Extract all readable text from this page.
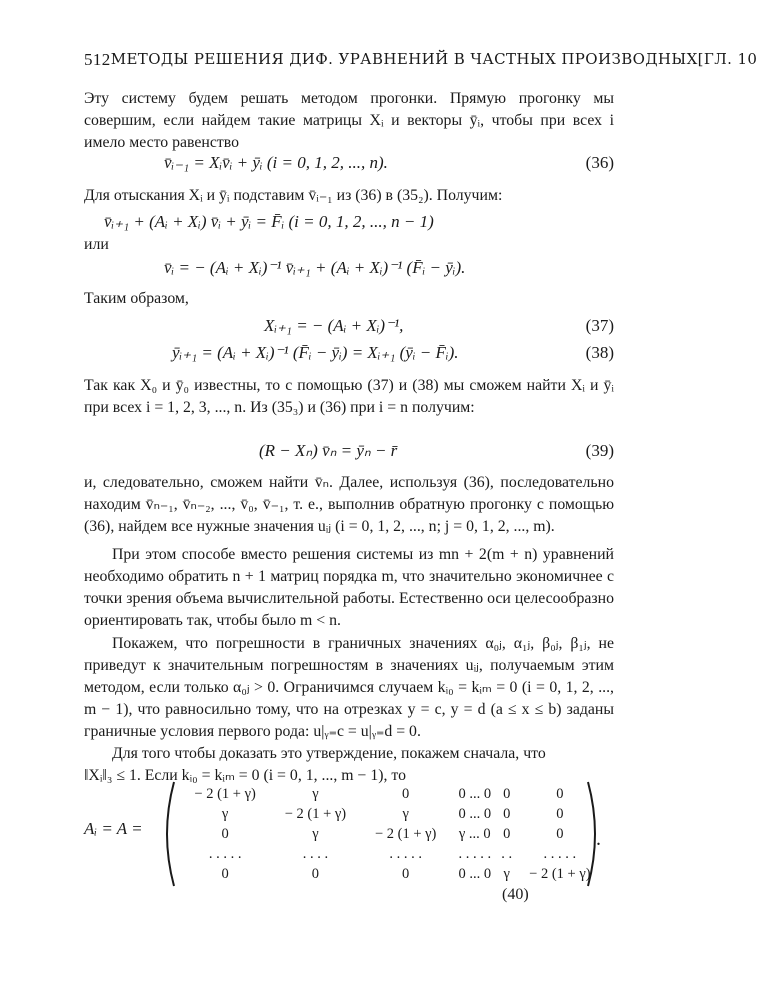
512 МЕТОДЫ РЕШЕНИЯ ДИФ. УРАВНЕНИЙ В ЧАСТНЫХ ПРОИЗВОДНЫХ [ГЛ. 10
Эту систему будем решать методом прогонки. Прямую прогонку мы совершим, если найдем такие матрицы Xᵢ и векторы ȳᵢ, чтобы при всех i имело место равенство
v̄ᵢ₋₁ = Xᵢv̄ᵢ + ȳᵢ (i = 0, 1, 2, ..., n).	(36)
Для отыскания Xᵢ и ȳᵢ подставим v̄ᵢ₋₁ из (36) в (35₂). Получим:
v̄ᵢ₊₁ + (Aᵢ + Xᵢ) v̄ᵢ + ȳᵢ = F̄ᵢ (i = 0, 1, 2, ..., n − 1)
или
v̄ᵢ = − (Aᵢ + Xᵢ)⁻¹ v̄ᵢ₊₁ + (Aᵢ + Xᵢ)⁻¹ (F̄ᵢ − ȳᵢ).
Таким образом,
Xᵢ₊₁ = − (Aᵢ + Xᵢ)⁻¹,	(37)
ȳᵢ₊₁ = (Aᵢ + Xᵢ)⁻¹ (F̄ᵢ − ȳᵢ) = Xᵢ₊₁ (ȳᵢ − F̄ᵢ).	(38)
Так как X₀ и ȳ₀ известны, то с помощью (37) и (38) мы сможем найти Xᵢ и ȳᵢ при всех i = 1, 2, 3, ..., n. Из (35₃) и (36) при i = n получим:
(R − Xₙ) v̄ₙ = ȳₙ − r̄	(39)
и, следовательно, сможем найти v̄ₙ. Далее, используя (36), последовательно находим v̄ₙ₋₁, v̄ₙ₋₂, ..., v̄₀, v̄₋₁, т. е., выполнив обратную прогонку с помощью (36), найдем все нужные значения uᵢⱼ (i = 0, 1, 2, ..., n; j = 0, 1, 2, ..., m).
При этом способе вместо решения системы из mn + 2(m + n) уравнений необходимо обратить n + 1 матриц порядка m, что значительно экономичнее с точки зрения объема вычислительной работы. Естественно оси целесообразно ориентировать так, чтобы было m < n.
Покажем, что погрешности в граничных значениях α₀ⱼ, α₁ⱼ, β₀ⱼ, β₁ⱼ, не приведут к значительным погрешностям в значениях uᵢⱼ, получаемым этим методом, если только α₀ⱼ > 0. Ограничимся случаем kᵢ₀ = kᵢₘ = 0 (i = 0, 1, 2, ..., m − 1), что равносильно тому, что на отрезках y = c, y = d (a ≤ x ≤ b) заданы граничные условия первого рода: u|ᵧ₌c = u|ᵧ₌d = 0.
Для того чтобы доказать это утверждение, покажем сначала, что
‖Xᵢ‖₃ ≤ 1. Если kᵢ₀ = kᵢₘ = 0 (i = 0, 1, ..., m − 1), то
Aᵢ = A =
− 2 (1 + γ)	γ	0	0 ... 0	0	0
γ	− 2 (1 + γ)	γ	0 ... 0	0	0
0	γ	− 2 (1 + γ)	γ ... 0	0	0
. . . . .	. . . .	. . . . .	. . . . .	. .	. . . . .
0	0	0	0 ... 0	γ	− 2 (1 + γ)
.
(40)
